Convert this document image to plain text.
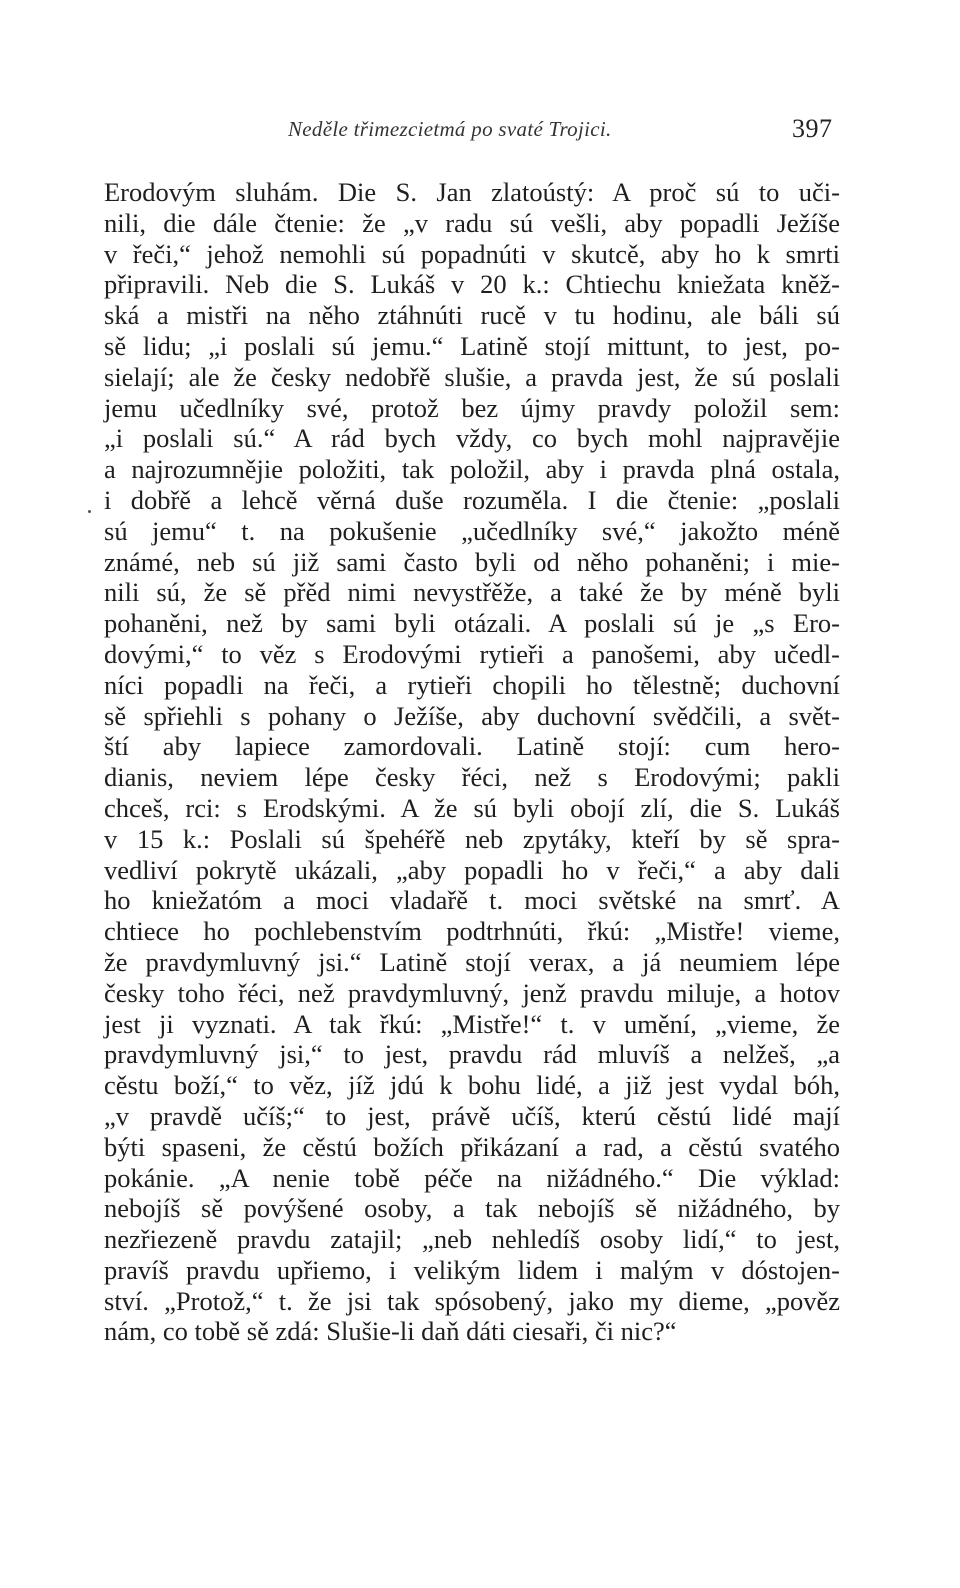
Neděle třimezcietmá po svaté Trojici.	397
Erodovým sluhám. Die S. Jan zlatoústý: A proč sú to uči-
nili, die dále čtenie: že „v radu sú vešli, aby popadli Ježíše
v řeči,“ jehož nemohli sú popadnúti v skutcě, aby ho k smrti
připravili. Neb die S. Lukáš v 20 k.: Chtiechu kniežata kněž-
ská a mistři na něho ztáhnúti rucě v tu hodinu, ale báli sú
sě lidu; „i poslali sú jemu.“ Latině stojí mittunt, to jest, po-
sielají; ale že česky nedobřě slušie, a pravda jest, že sú poslali
jemu učedlníky své, protož bez újmy pravdy položil sem:
„i poslali sú.“ A rád bych vždy, co bych mohl najpravějie
a najrozumnějie položiti, tak položil, aby i pravda plná ostala,
i dobřě a lehcě věrná duše rozuměla. I die čtenie: „poslali
sú jemu“ t. na pokušenie „učedlníky své,“ jakožto méně
známé, neb sú již sami často byli od něho pohaněni; i mie-
nili sú, že sě přěd nimi nevystřěže, a také že by méně byli
pohaněni, než by sami byli otázali. A poslali sú je „s Ero-
dovými,“ to věz s Erodovými rytieři a panošemi, aby učedl-
níci popadli na řeči, a rytieři chopili ho tělestně; duchovní
sě spřiehli s pohany o Ježíše, aby duchovní svědčili, a svět-
ští aby lapiece zamordovali. Latině stojí: cum hero-
dianis, neviem lépe česky řéci, než s Erodovými; pakli
chceš, rci: s Erodskými. A že sú byli obojí zlí, die S. Lukáš
v 15 k.: Poslali sú špehéřě neb zpytáky, kteří by sě spra-
vedliví pokrytě ukázali, „aby popadli ho v řeči,“ a aby dali
ho kniežatóm a moci vladařě t. moci světské na smrť. A
chtiece ho pochlebenstvím podtrhnúti, řkú: „Mistře! vieme,
že pravdymluvný jsi.“ Latině stojí verax, a já neumiem lépe
česky toho řéci, než pravdymluvný, jenž pravdu miluje, a hotov
jest ji vyznati. A tak řkú: „Mistře!“ t. v umění, „vieme, že
pravdymluvný jsi,“ to jest, pravdu rád mluvíš a nelžeš, „a
cěstu boží,“ to věz, jíž jdú k bohu lidé, a již jest vydal bóh,
„v pravdě učíš;“ to jest, právě učíš, kterú cěstú lidé mají
býti spaseni, že cěstú božích přikázaní a rad, a cěstú svatého
pokánie. „A nenie tobě péče na nižádného.“ Die výklad:
nebojíš sě povýšené osoby, a tak nebojíš sě nižádného, by
nezřiezeně pravdu zatajil; „neb nehledíš osoby lidí,“ to jest,
pravíš pravdu upřiemo, i velikým lidem i malým v dóstojen-
ství. „Protož,“ t. že jsi tak spósobený, jako my dieme, „pověz
nám, co tobě sě zdá: Slušie-li daň dáti ciesaři, či nic?“
